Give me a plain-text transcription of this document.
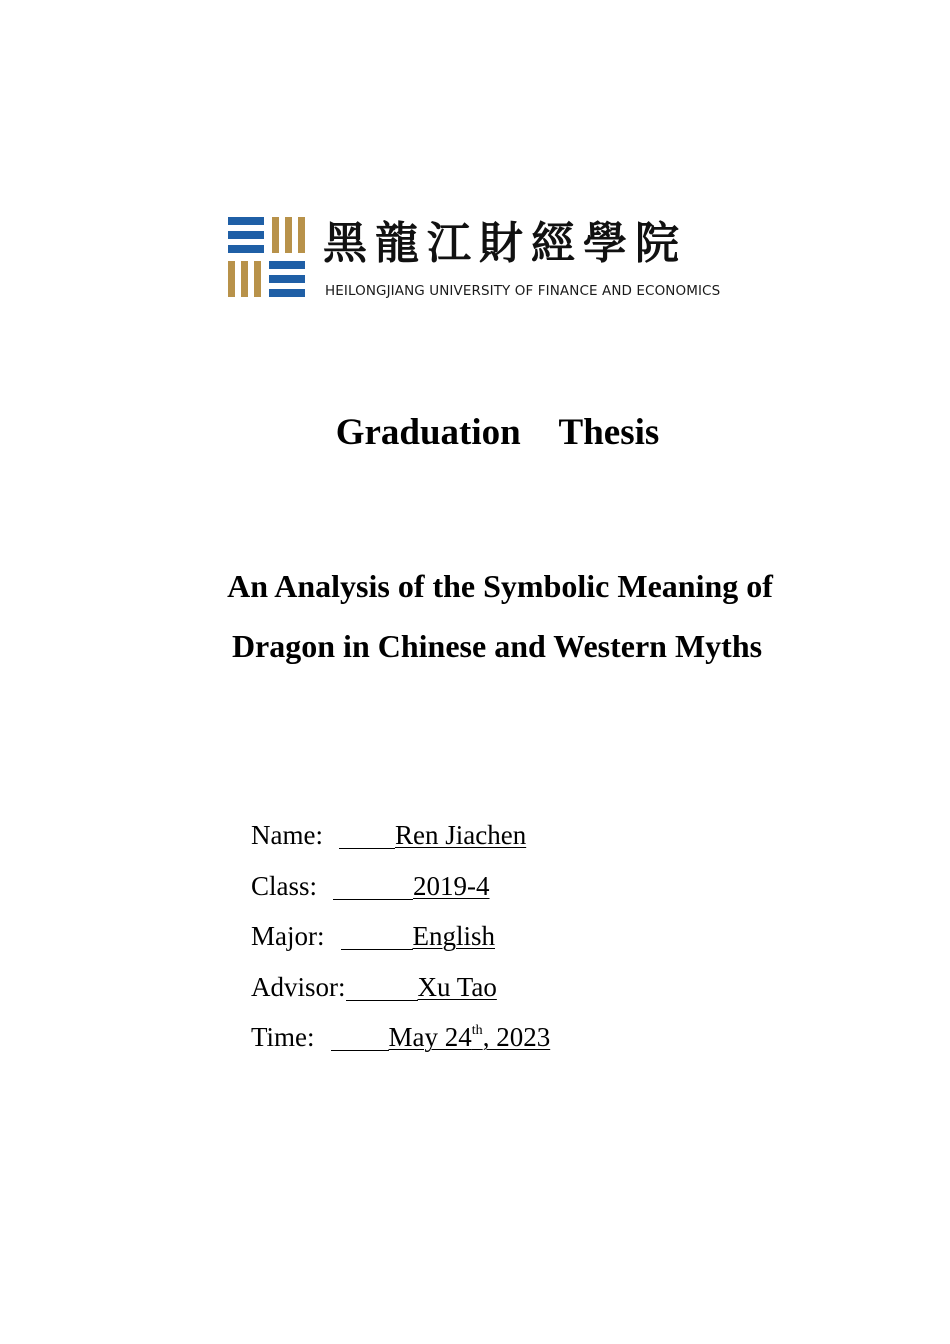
黑龍江財經學院
HEILONGJIANG UNIVERSITY OF FINANCE AND ECONOMICS
Graduation  Thesis
An Analysis of the Symbolic Meaning of
Dragon in Chinese and Western Myths
Name:	Ren Jiachen
Class:	2019-4
Major:	English
Advisor:	Xu Tao
Time:	May 24th, 2023
